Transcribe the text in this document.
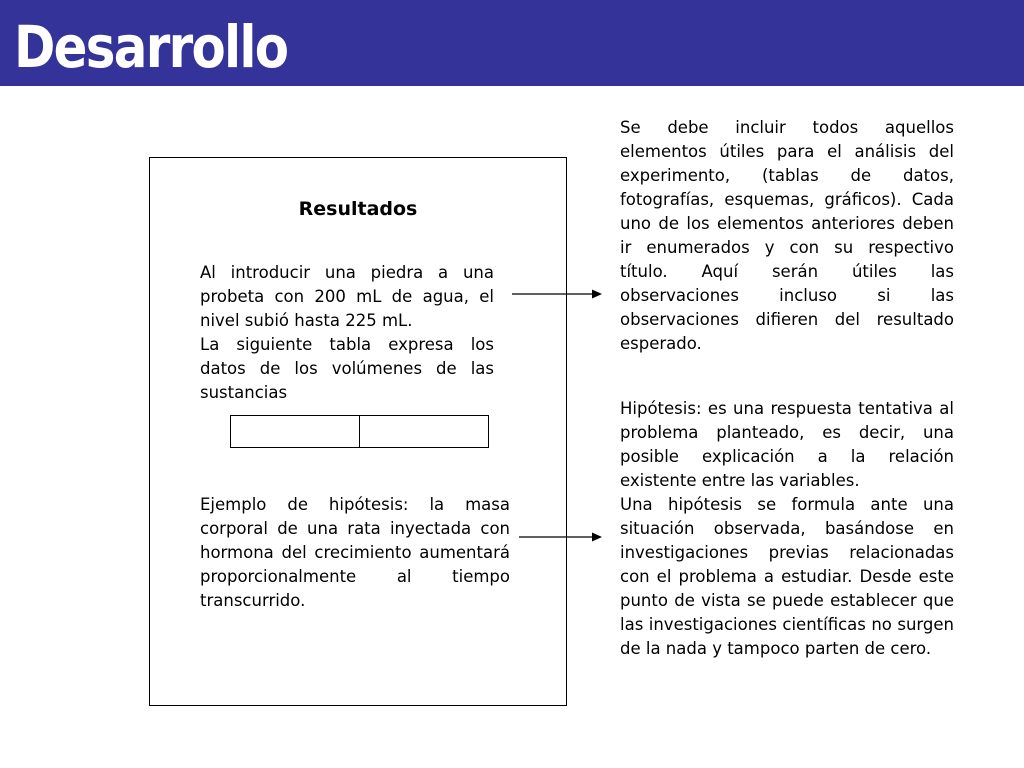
Desarrollo
Resultados

Al introducir una piedra a una probeta con 200 mL de agua, el nivel subió hasta 225 mL.

La siguiente tabla expresa los datos de los volúmenes de las sustancias

Ejemplo de hipótesis: la masa corporal de una rata inyectada con hormona del crecimiento aumentará proporcionalmente al tiempo transcurrido.

Se debe incluir todos aquellos elementos útiles para el análisis del experimento, (tablas de datos, fotografías, esquemas, gráficos). Cada uno de los elementos anteriores deben ir enumerados y con su respectivo título. Aquí serán útiles las observaciones incluso si las observaciones difieren del resultado esperado.

Hipótesis: es una respuesta tentativa al problema planteado, es decir, una posible explicación a la relación existente entre las variables.

Una hipótesis se formula ante una situación observada, basándose en investigaciones previas relacionadas con el problema a estudiar. Desde este punto de vista se puede establecer que las investigaciones científicas no surgen de la nada y tampoco parten de cero.
